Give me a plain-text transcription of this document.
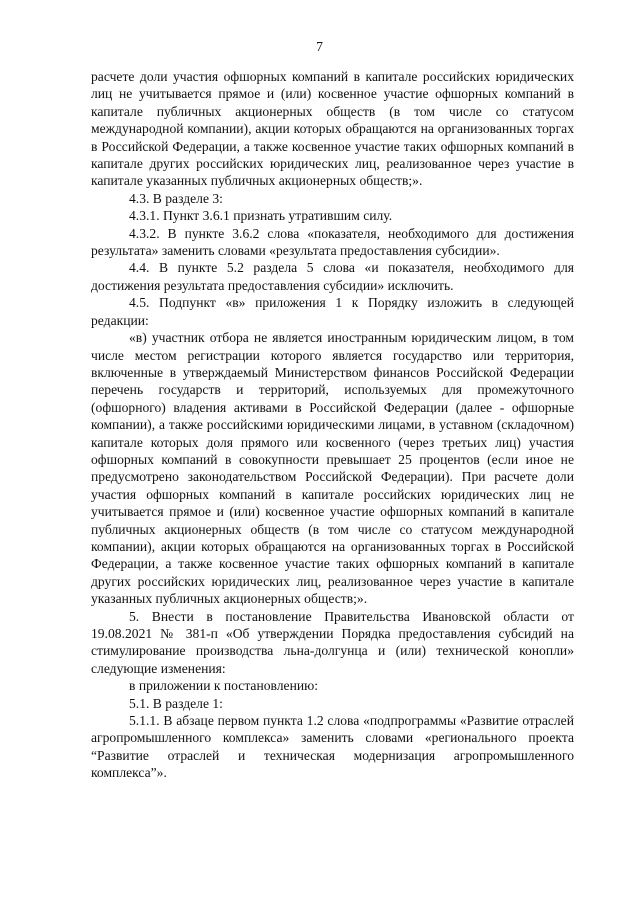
7

расчете доли участия офшорных компаний в капитале российских юридических лиц не учитывается прямое и (или) косвенное участие офшорных компаний в капитале публичных акционерных обществ (в том числе со статусом международной компании), акции которых обращаются на организованных торгах в Российской Федерации, а также косвенное участие таких офшорных компаний в капитале других российских юридических лиц, реализованное через участие в капитале указанных публичных акционерных обществ;».

4.3. В разделе 3:

4.3.1. Пункт 3.6.1 признать утратившим силу.

4.3.2. В пункте 3.6.2 слова «показателя, необходимого для достижения результата» заменить словами «результата предоставления субсидии».

4.4. В пункте 5.2 раздела 5 слова «и показателя, необходимого для достижения результата предоставления субсидии» исключить.

4.5. Подпункт «в» приложения 1 к Порядку изложить в следующей редакции:

«в) участник отбора не является иностранным юридическим лицом, в том числе местом регистрации которого является государство или территория, включенные в утверждаемый Министерством финансов Российской Федерации перечень государств и территорий, используемых для промежуточного (офшорного) владения активами в Российской Федерации (далее - офшорные компании), а также российскими юридическими лицами, в уставном (складочном) капитале которых доля прямого или косвенного (через третьих лиц) участия офшорных компаний в совокупности превышает 25 процентов (если иное не предусмотрено законодательством Российской Федерации). При расчете доли участия офшорных компаний в капитале российских юридических лиц не учитывается прямое и (или) косвенное участие офшорных компаний в капитале публичных акционерных обществ (в том числе со статусом международной компании), акции которых обращаются на организованных торгах в Российской Федерации, а также косвенное участие таких офшорных компаний в капитале других российских юридических лиц, реализованное через участие в капитале указанных публичных акционерных обществ;».

5. Внести в постановление Правительства Ивановской области от 19.08.2021 № 381-п «Об утверждении Порядка предоставления субсидий на стимулирование производства льна-долгунца и (или) технической конопли» следующие изменения:

в приложении к постановлению:

5.1. В разделе 1:

5.1.1. В абзаце первом пункта 1.2 слова «подпрограммы «Развитие отраслей агропромышленного комплекса» заменить словами «регионального проекта “Развитие отраслей и техническая модернизация агропромышленного комплекса”».
